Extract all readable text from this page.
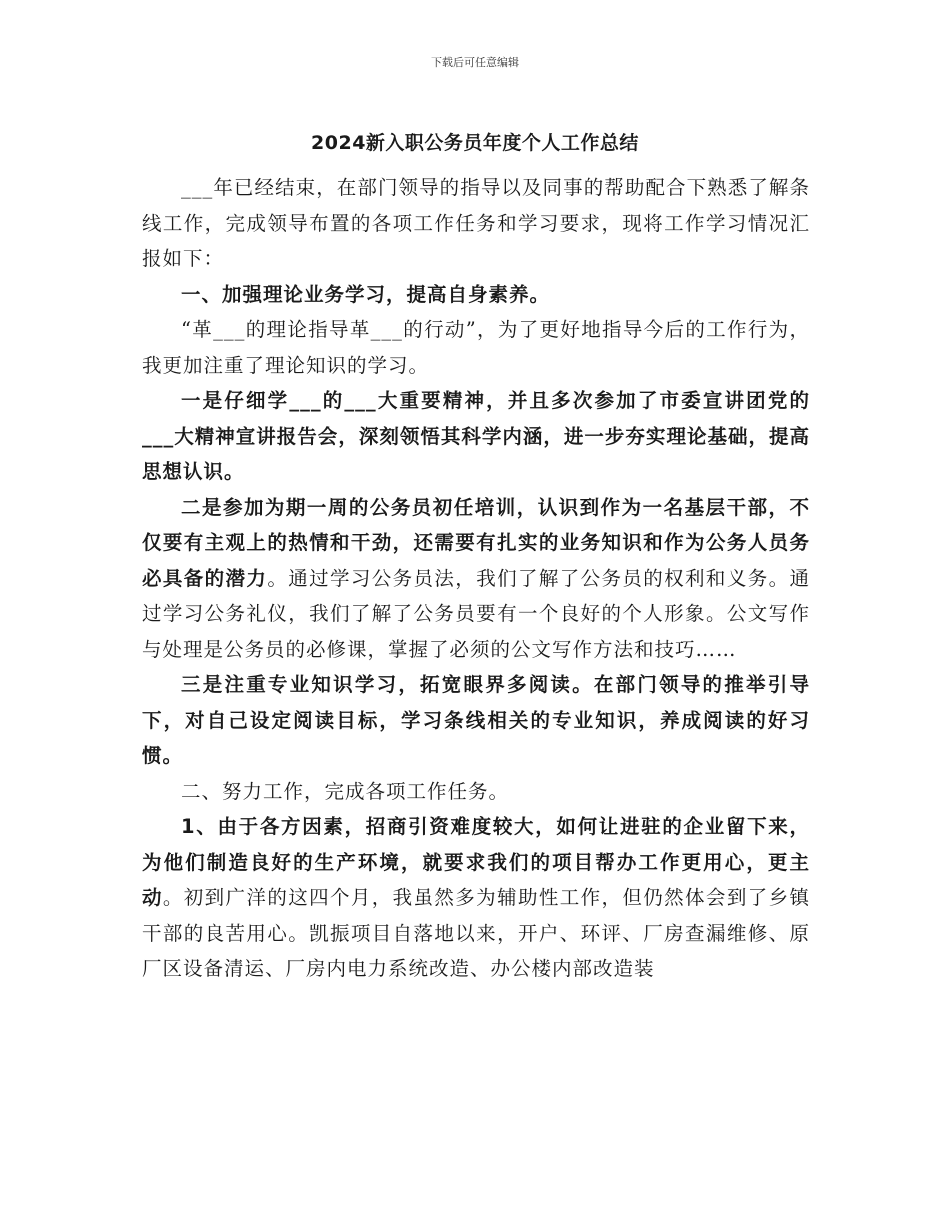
下载后可任意编辑
2024新入职公务员年度个人工作总结

___年已经结束，在部门领导的指导以及同事的帮助配合下熟悉了解条线工作，完成领导布置的各项工作任务和学习要求，现将工作学习情况汇报如下：

一、加强理论业务学习，提高自身素养。

“革___的理论指导革___的行动”，为了更好地指导今后的工作行为，我更加注重了理论知识的学习。

一是仔细学___的___大重要精神，并且多次参加了市委宣讲团党的___大精神宣讲报告会，深刻领悟其科学内涵，进一步夯实理论基础，提高思想认识。

二是参加为期一周的公务员初任培训，认识到作为一名基层干部，不仅要有主观上的热情和干劲，还需要有扎实的业务知识和作为公务人员务必具备的潜力。通过学习公务员法，我们了解了公务员的权利和义务。通过学习公务礼仪，我们了解了公务员要有一个良好的个人形象。公文写作与处理是公务员的必修课，掌握了必须的公文写作方法和技巧……

三是注重专业知识学习，拓宽眼界多阅读。在部门领导的推举引导下，对自己设定阅读目标，学习条线相关的专业知识，养成阅读的好习惯。

二、努力工作，完成各项工作任务。

1、由于各方因素，招商引资难度较大，如何让进驻的企业留下来，为他们制造良好的生产环境，就要求我们的项目帮办工作更用心，更主动。初到广洋的这四个月，我虽然多为辅助性工作，但仍然体会到了乡镇干部的良苦用心。凯振项目自落地以来，开户、环评、厂房查漏维修、原厂区设备清运、厂房内电力系统改造、办公楼内部改造装
